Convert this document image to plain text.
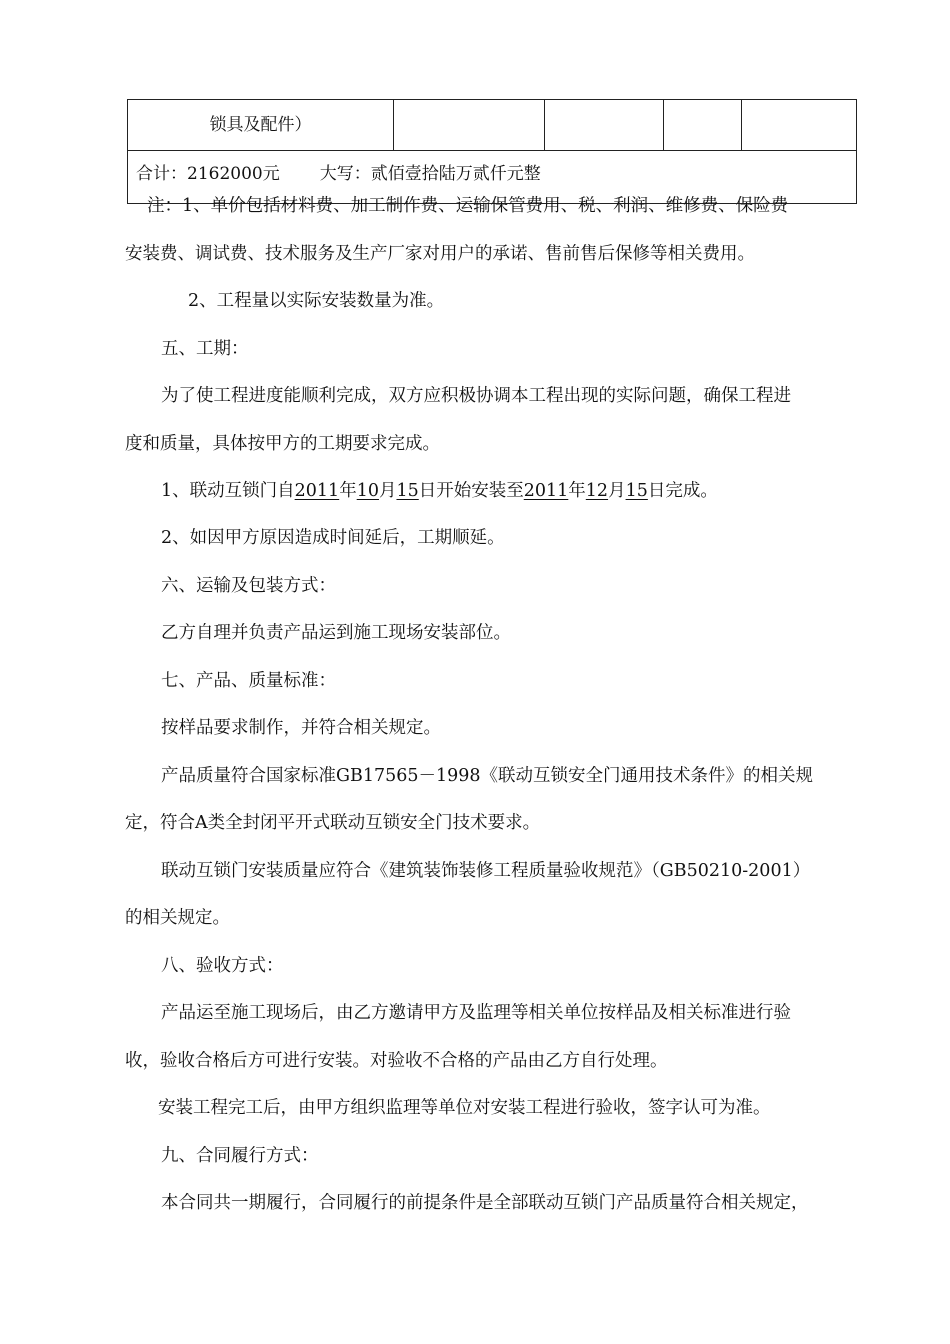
锁具及配件）				
合计：2162000元 大写：贰佰壹拾陆万贰仟元整
注：1、单价包括材料费、加工制作费、运输保管费用、税、利润、维修费、保险费
安装费、调试费、技术服务及生产厂家对用户的承诺、售前售后保修等相关费用。
2、工程量以实际安装数量为准。
五、工期：
为了使工程进度能顺利完成，双方应积极协调本工程出现的实际问题，确保工程进
度和质量，具体按甲方的工期要求完成。
1、联动互锁门自2011年10月15日开始安装至2011年12月15日完成。
2、如因甲方原因造成时间延后，工期顺延。
六、运输及包装方式：
乙方自理并负责产品运到施工现场安装部位。
七、产品、质量标准：
按样品要求制作，并符合相关规定。
产品质量符合国家标准GB17565－1998《联动互锁安全门通用技术条件》的相关规
定，符合A类全封闭平开式联动互锁安全门技术要求。
联动互锁门安装质量应符合《建筑装饰装修工程质量验收规范》（GB50210-2001）
的相关规定。
八、验收方式：
产品运至施工现场后，由乙方邀请甲方及监理等相关单位按样品及相关标准进行验
收，验收合格后方可进行安装。对验收不合格的产品由乙方自行处理。
安装工程完工后，由甲方组织监理等单位对安装工程进行验收，签字认可为准。
九、合同履行方式：
本合同共一期履行，合同履行的前提条件是全部联动互锁门产品质量符合相关规定，
